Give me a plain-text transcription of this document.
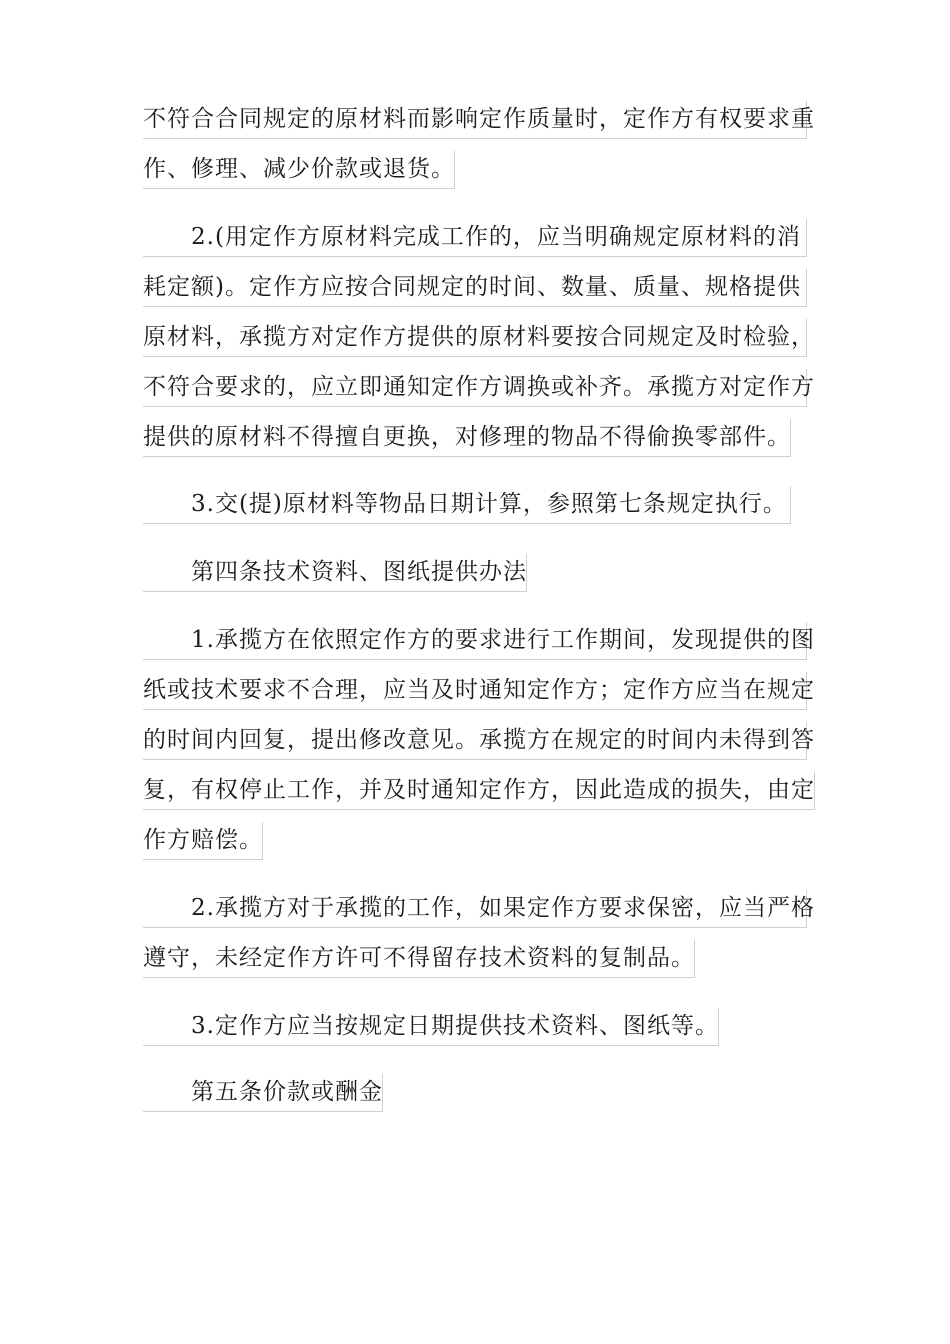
不符合合同规定的原材料而影响定作质量时，定作方有权要求重
作、修理、减少价款或退货。
2.(用定作方原材料完成工作的，应当明确规定原材料的消
耗定额)。定作方应按合同规定的时间、数量、质量、规格提供
原材料，承揽方对定作方提供的原材料要按合同规定及时检验，
不符合要求的，应立即通知定作方调换或补齐。承揽方对定作方
提供的原材料不得擅自更换，对修理的物品不得偷换零部件。
3.交(提)原材料等物品日期计算，参照第七条规定执行。
第四条技术资料、图纸提供办法
1.承揽方在依照定作方的要求进行工作期间，发现提供的图
纸或技术要求不合理，应当及时通知定作方；定作方应当在规定
的时间内回复，提出修改意见。承揽方在规定的时间内未得到答
复，有权停止工作，并及时通知定作方，因此造成的损失，由定
作方赔偿。
2.承揽方对于承揽的工作，如果定作方要求保密，应当严格
遵守，未经定作方许可不得留存技术资料的复制品。
3.定作方应当按规定日期提供技术资料、图纸等。
第五条价款或酬金
